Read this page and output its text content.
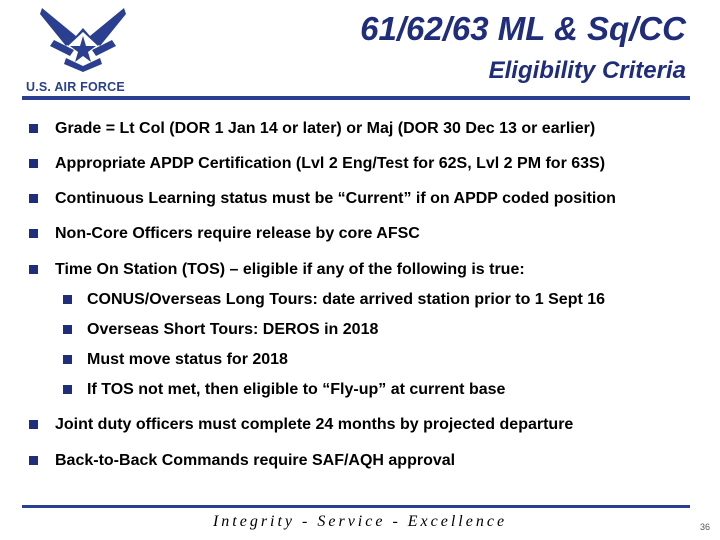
U.S. AIR FORCE
61/62/63 ML & Sq/CC
Eligibility Criteria
Grade = Lt Col (DOR 1 Jan 14 or later) or Maj (DOR 30 Dec 13 or earlier)
Appropriate APDP Certification (Lvl 2 Eng/Test for 62S, Lvl 2 PM for 63S)
Continuous Learning status must be “Current” if on APDP coded position
Non-Core Officers require release by core AFSC
Time On Station (TOS) – eligible if any of the following is true:
CONUS/Overseas Long Tours: date arrived station prior to 1 Sept 16
Overseas Short Tours: DEROS in 2018
Must move status for 2018
If TOS not met, then eligible to “Fly-up” at current base
Joint duty officers must complete 24 months by projected departure
Back-to-Back Commands require SAF/AQH approval
Integrity - Service - Excellence	36
